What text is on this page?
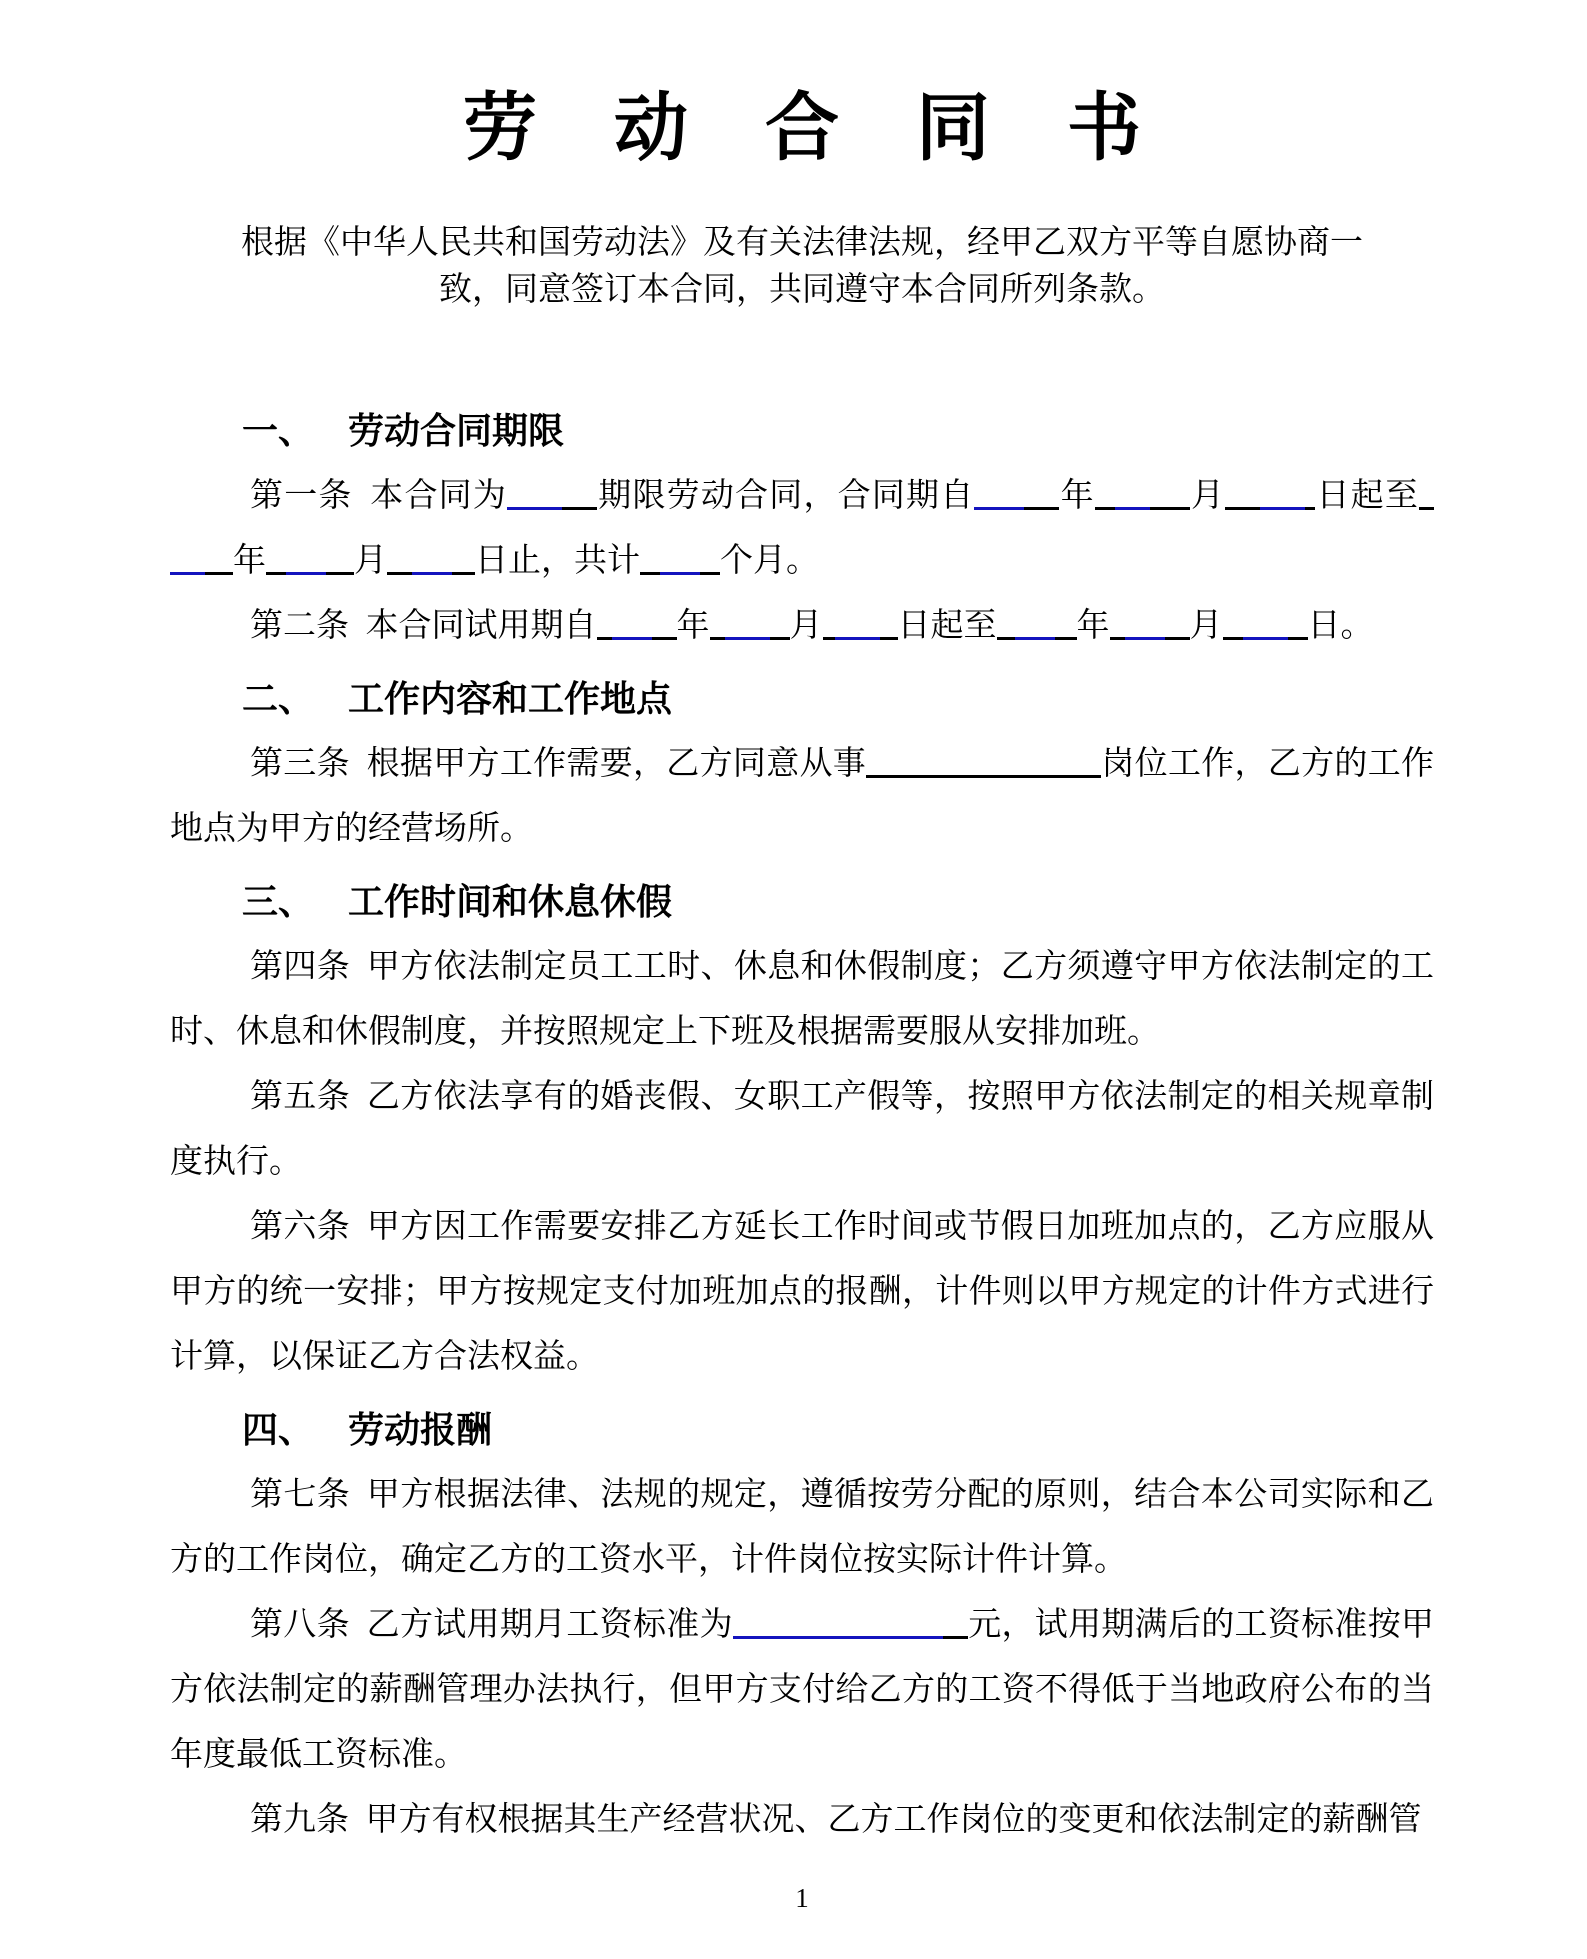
劳动合同书

根据《中华人民共和国劳动法》及有关法律法规，经甲乙双方平等自愿协商一
致，同意签订本合同，共同遵守本合同所列条款。

一、 劳动合同期限

第一条 本合同为	期限劳动合同，合同期自	年	月	日起至年	月	日止，共计 个月。

第二条 本合同试用期自 年 月 日起至 年 月	日。

二、 工作内容和工作地点

第三条 根据甲方工作需要，乙方同意从事	岗位工作，乙方的工作地点为甲方的经营场所。

三、 工作时间和休息休假

第四条 甲方依法制定员工工时、休息和休假制度；乙方须遵守甲方依法制定的工时、休息和休假制度，并按照规定上下班及根据需要服从安排加班。

第五条 乙方依法享有的婚丧假、女职工产假等，按照甲方依法制定的相关规章制度执行。

第六条 甲方因工作需要安排乙方延长工作时间或节假日加班加点的，乙方应服从甲方的统一安排；甲方按规定支付加班加点的报酬，计件则以甲方规定的计件方式进行计算，以保证乙方合法权益。

四、 劳动报酬

第七条 甲方根据法律、法规的规定，遵循按劳分配的原则，结合本公司实际和乙方的工作岗位，确定乙方的工资水平，计件岗位按实际计件计算。

第八条 乙方试用期月工资标准为	元，试用期满后的工资标准按甲方依法制定的薪酬管理办法执行，但甲方支付给乙方的工资不得低于当地政府公布的当年度最低工资标准。

第九条 甲方有权根据其生产经营状况、乙方工作岗位的变更和依法制定的薪酬管

1
